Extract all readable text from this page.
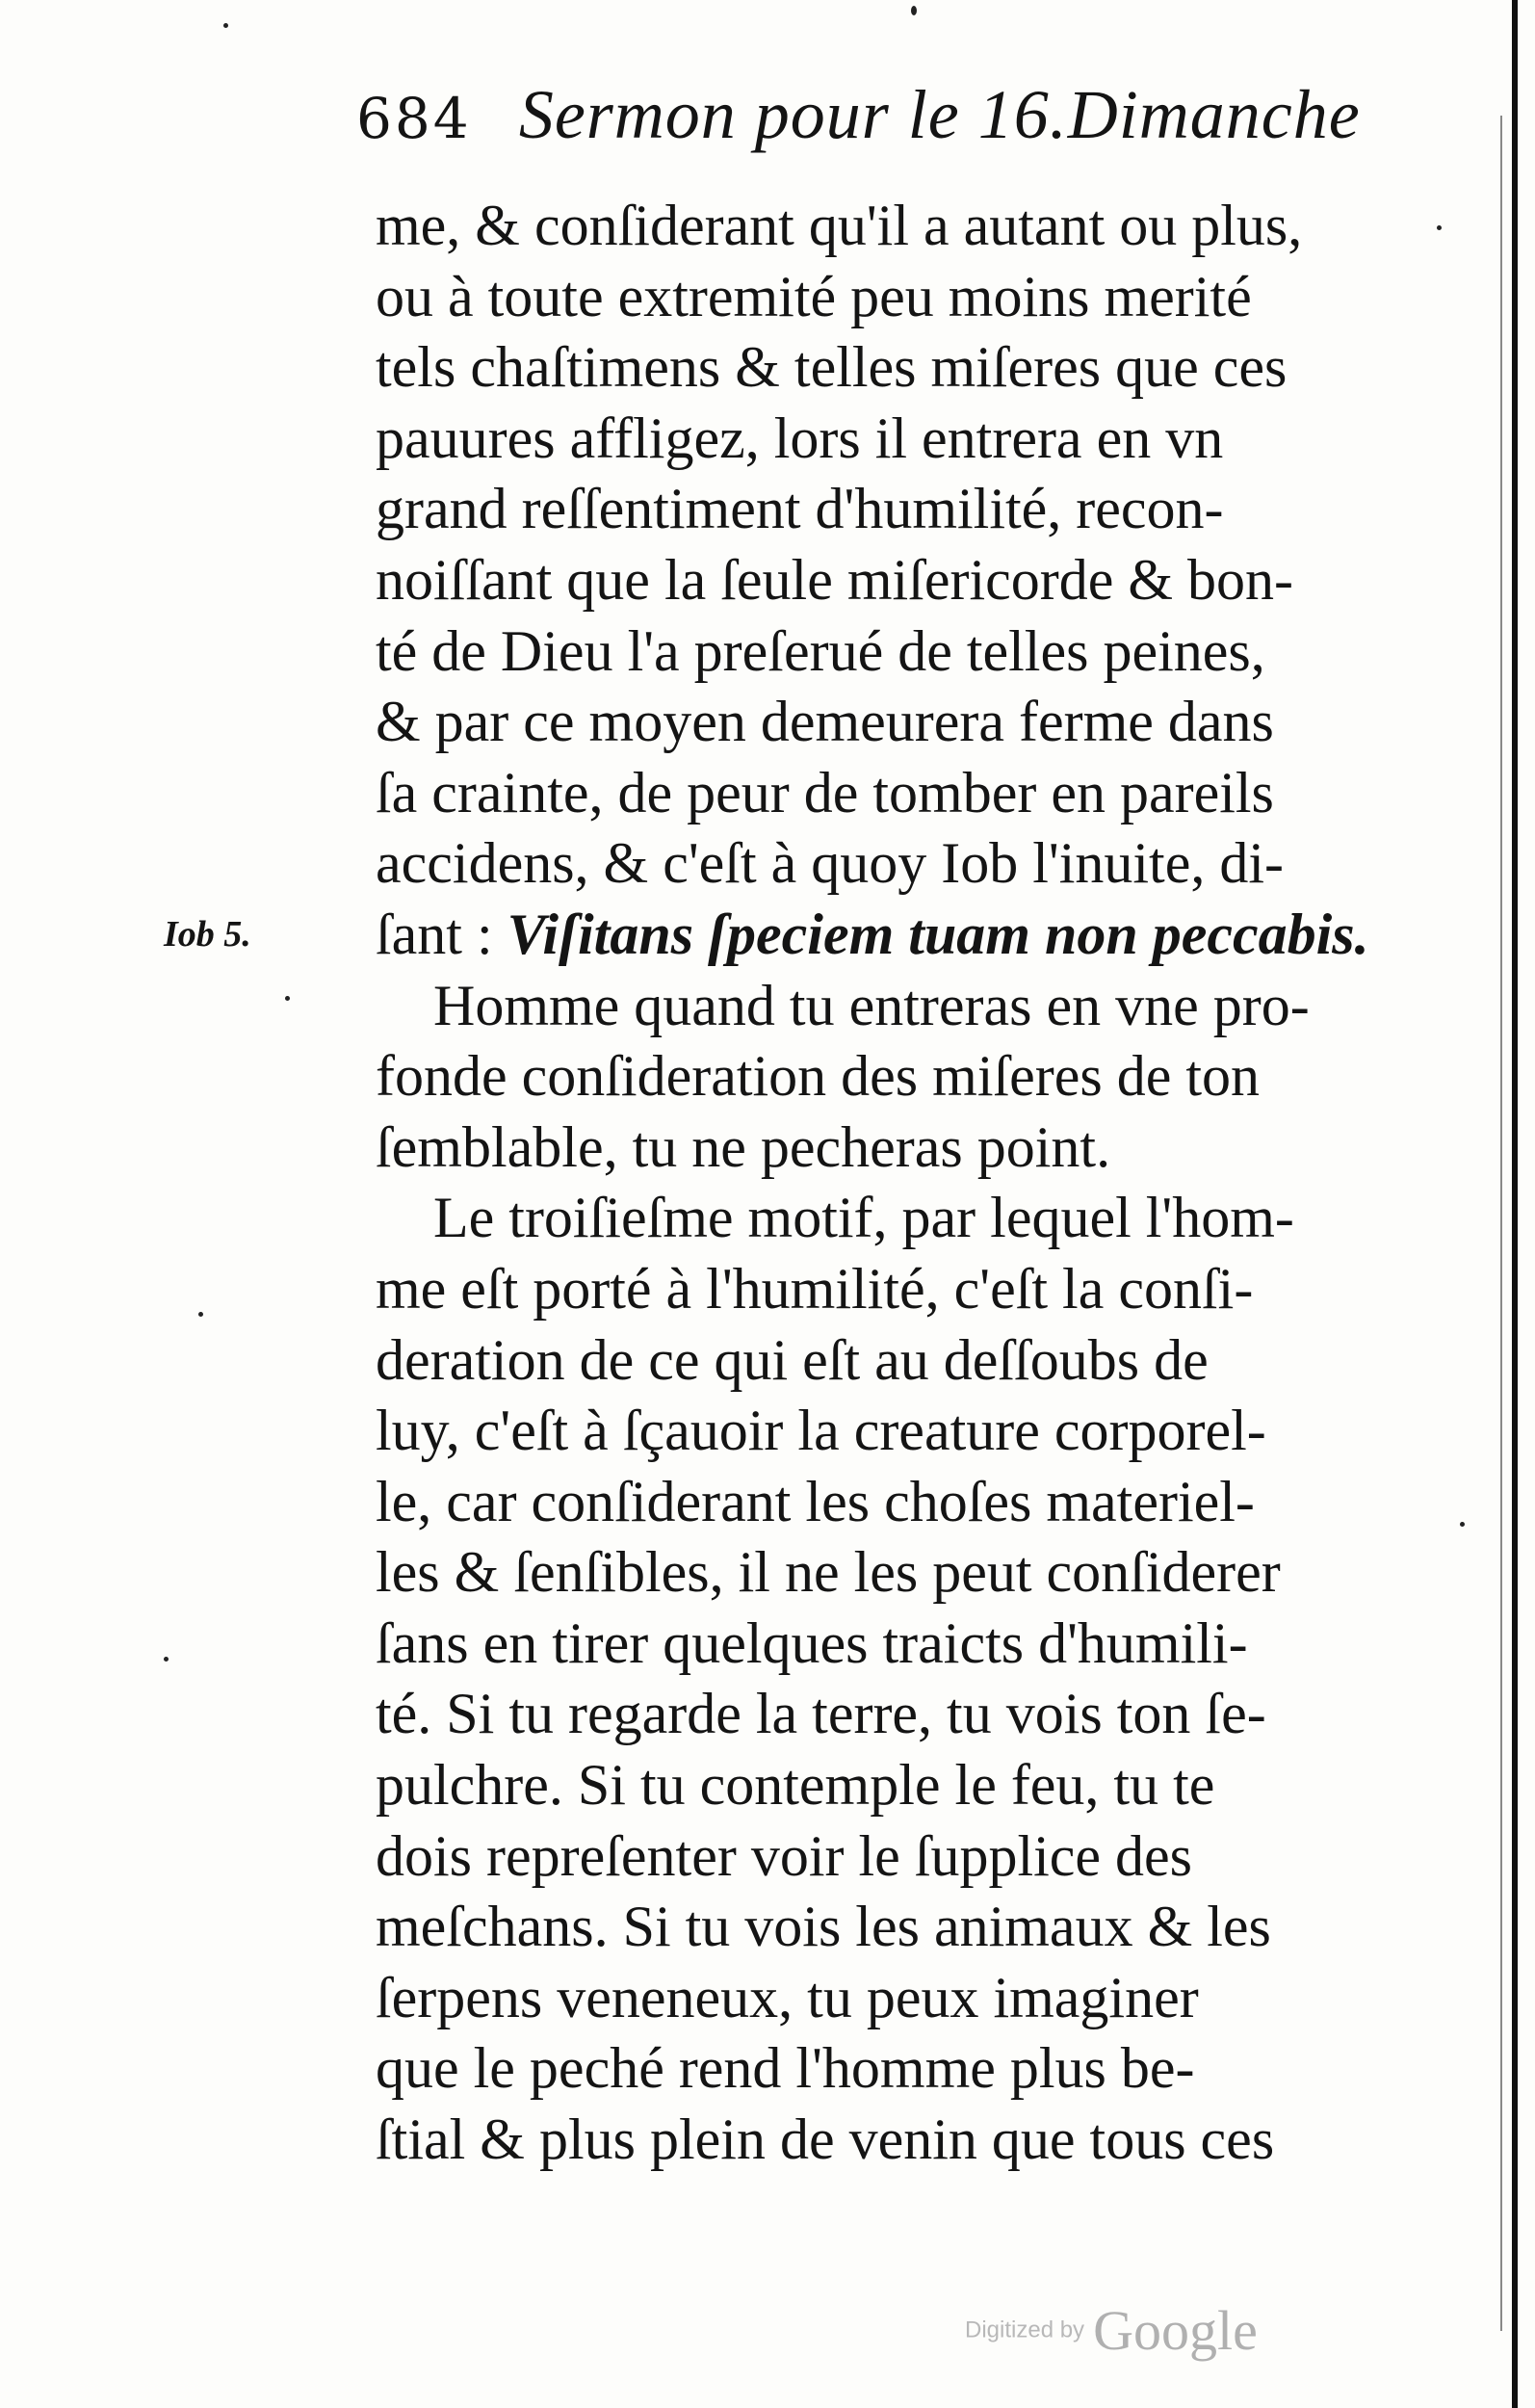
684 Sermon pour le 16.Dimanche
Iob 5.
me, & conſiderant qu'il a autant ou plus,
ou à toute extremité peu moins merité
tels chaſtimens & telles miſeres que ces
pauures affligez, lors il entrera en vn
grand reſſentiment d'humilité, recon-
noiſſant que la ſeule miſericorde & bon-
té de Dieu l'a preſerué de telles peines,
& par ce moyen demeurera ferme dans
ſa crainte, de peur de tomber en pareils
accidens, & c'eſt à quoy Iob l'inuite, di-
ſant : Viſitans ſpeciem tuam non peccabis.
Homme quand tu entreras en vne pro-
fonde conſideration des miſeres de ton
ſemblable, tu ne pecheras point.
Le troiſieſme motif, par lequel l'hom-
me eſt porté à l'humilité, c'eſt la conſi-
deration de ce qui eſt au deſſoubs de
luy, c'eſt à ſçauoir la creature corporel-
le, car conſiderant les choſes materiel-
les & ſenſibles, il ne les peut conſiderer
ſans en tirer quelques traicts d'humili-
té. Si tu regarde la terre, tu vois ton ſe-
pulchre. Si tu contemple le feu, tu te
dois repreſenter voir le ſupplice des
meſchans. Si tu vois les animaux & les
ſerpens veneneux, tu peux imaginer
que le peché rend l'homme plus be-
ſtial & plus plein de venin que tous ces
Digitized by Google
